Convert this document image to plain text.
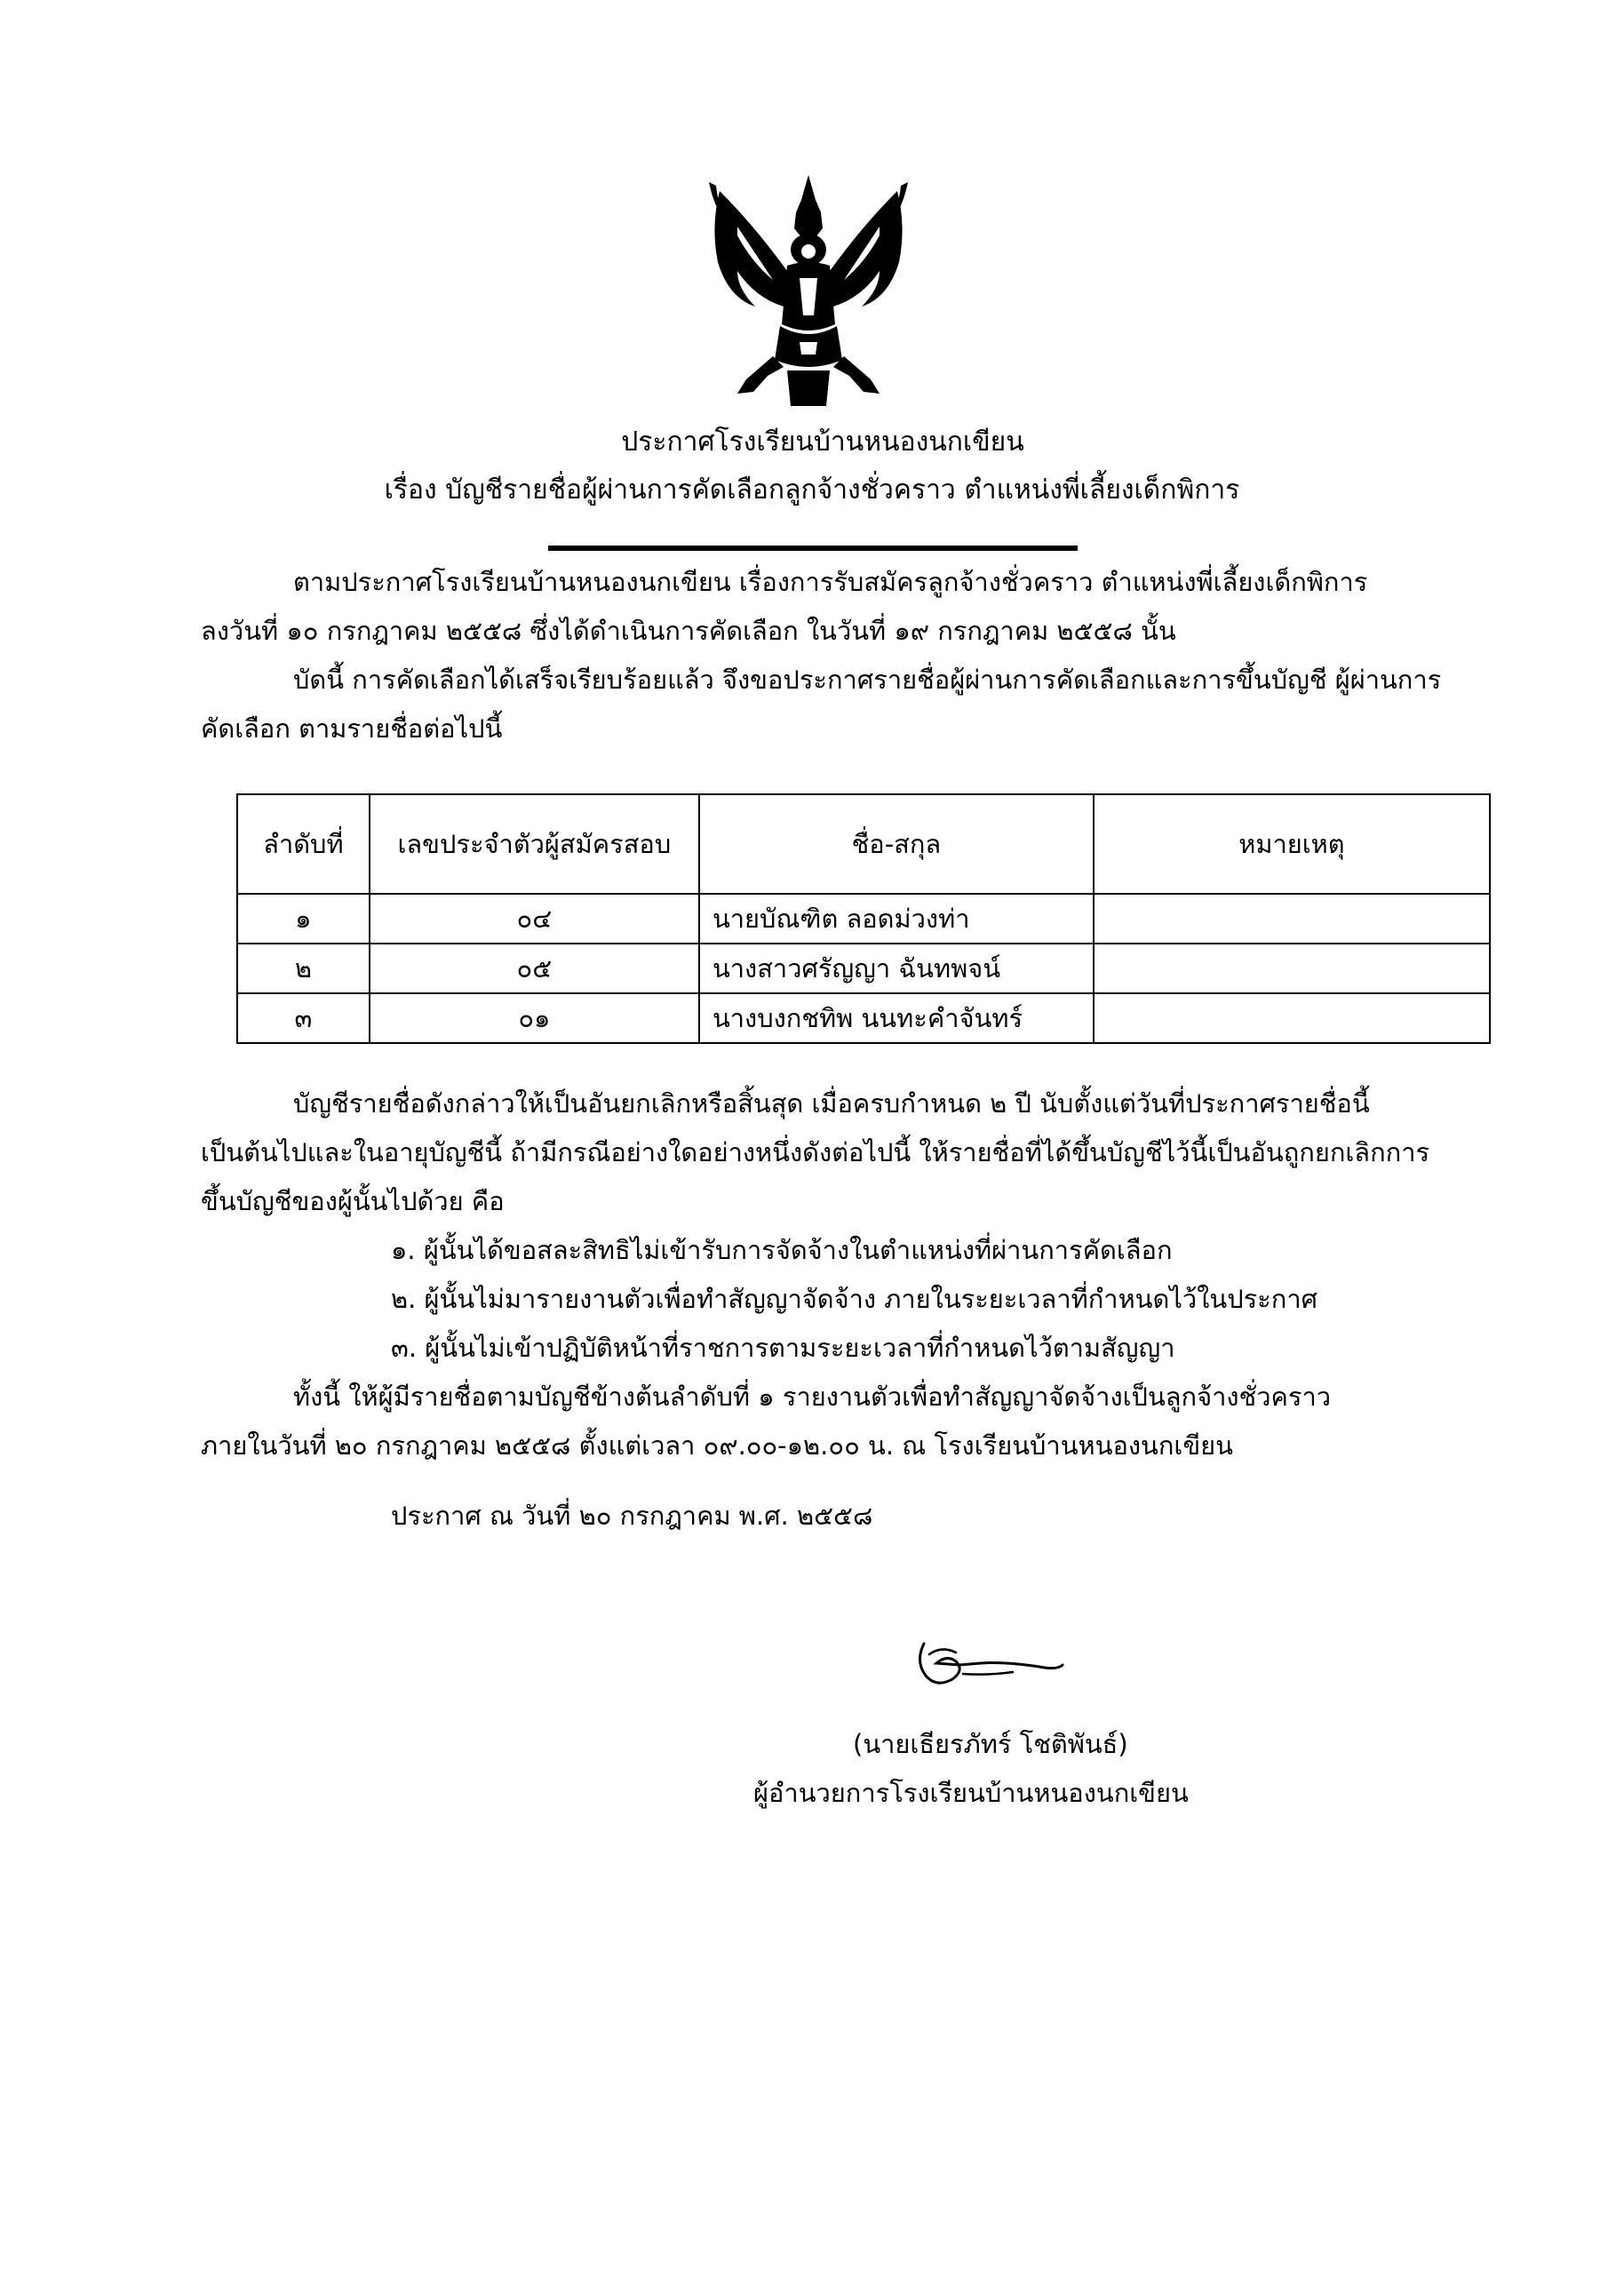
ประกาศโรงเรียนบ้านหนองนกเขียน
เรื่อง บัญชีรายชื่อผู้ผ่านการคัดเลือกลูกจ้างชั่วคราว ตำแหน่งพี่เลี้ยงเด็กพิการ
ตามประกาศโรงเรียนบ้านหนองนกเขียน เรื่องการรับสมัครลูกจ้างชั่วคราว ตำแหน่งพี่เลี้ยงเด็กพิการ
ลงวันที่ ๑๐ กรกฎาคม ๒๕๕๘ ซึ่งได้ดำเนินการคัดเลือก ในวันที่ ๑๙ กรกฎาคม ๒๕๕๘ นั้น
บัดนี้ การคัดเลือกได้เสร็จเรียบร้อยแล้ว จึงขอประกาศรายชื่อผู้ผ่านการคัดเลือกและการขึ้นบัญชี ผู้ผ่านการ
คัดเลือก ตามรายชื่อต่อไปนี้
ลำดับที่	เลขประจำตัวผู้สมัครสอบ	ชื่อ-สกุล	หมายเหตุ
๑	๐๔	นายบัณฑิต ลอดม่วงท่า	
๒	๐๕	นางสาวศรัญญา ฉันทพจน์	
๓	๐๑	นางบงกชทิพ นนทะคำจันทร์	
บัญชีรายชื่อดังกล่าวให้เป็นอันยกเลิกหรือสิ้นสุด เมื่อครบกำหนด ๒ ปี นับตั้งแต่วันที่ประกาศรายชื่อนี้
เป็นต้นไปและในอายุบัญชีนี้ ถ้ามีกรณีอย่างใดอย่างหนึ่งดังต่อไปนี้ ให้รายชื่อที่ได้ขึ้นบัญชีไว้นี้เป็นอันถูกยกเลิกการ
ขึ้นบัญชีของผู้นั้นไปด้วย คือ
๑. ผู้นั้นได้ขอสละสิทธิไม่เข้ารับการจัดจ้างในตำแหน่งที่ผ่านการคัดเลือก
๒. ผู้นั้นไม่มารายงานตัวเพื่อทำสัญญาจัดจ้าง ภายในระยะเวลาที่กำหนดไว้ในประกาศ
๓. ผู้นั้นไม่เข้าปฏิบัติหน้าที่ราชการตามระยะเวลาที่กำหนดไว้ตามสัญญา
ทั้งนี้ ให้ผู้มีรายชื่อตามบัญชีข้างต้นลำดับที่ ๑ รายงานตัวเพื่อทำสัญญาจัดจ้างเป็นลูกจ้างชั่วคราว
ภายในวันที่ ๒๐ กรกฎาคม ๒๕๕๘ ตั้งแต่เวลา ๐๙.๐๐-๑๒.๐๐ น. ณ โรงเรียนบ้านหนองนกเขียน
ประกาศ ณ วันที่ ๒๐ กรกฎาคม พ.ศ. ๒๕๕๘
(นายเธียรภัทร์ โชติพันธ์)
ผู้อำนวยการโรงเรียนบ้านหนองนกเขียน
